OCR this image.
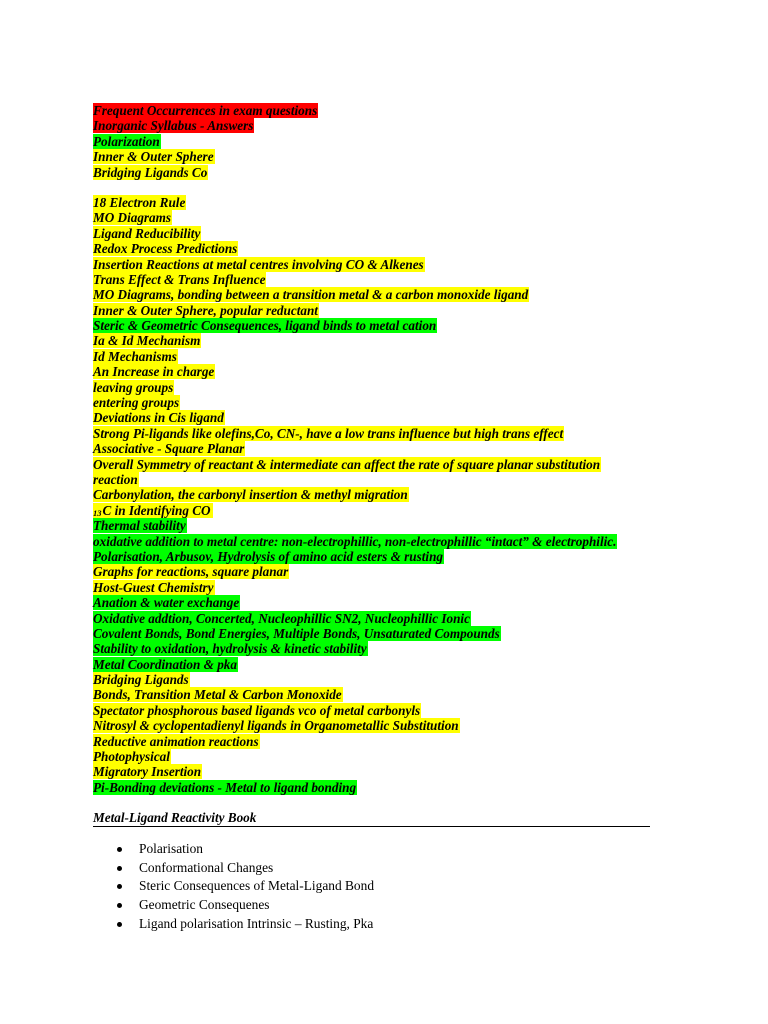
Frequent Occurrences in exam questions
Inorganic Syllabus - Answers
Polarization
Inner & Outer Sphere
Bridging Ligands Co
18 Electron Rule
MO Diagrams
Ligand Reducibility
Redox Process Predictions
Insertion Reactions at metal centres involving CO & Alkenes
Trans Effect & Trans Influence
MO Diagrams, bonding between a transition metal & a carbon monoxide ligand
Inner & Outer Sphere, popular reductant
Steric & Geometric Consequences, ligand binds to metal cation
Ia & Id Mechanism
Id Mechanisms
An Increase in charge
leaving groups
entering groups
Deviations in Cis ligand
Strong Pi-ligands like olefins,Co, CN-, have a low trans influence but high trans effect
Associative - Square Planar
Overall Symmetry of reactant & intermediate can affect the rate of square planar substitution
reaction
Carbonylation, the carbonyl insertion & methyl migration
13C in Identifying CO
Thermal stability
oxidative addition to metal centre: non-electrophillic, non-electrophillic “intact” & electrophilic.
Polarisation, Arbusov, Hydrolysis of amino acid esters & rusting
Graphs for reactions, square planar
Host-Guest Chemistry
Anation & water exchange
Oxidative addtion, Concerted, Nucleophillic SN2, Nucleophillic Ionic
Covalent Bonds, Bond Energies, Multiple Bonds, Unsaturated Compounds
Stability to oxidation, hydrolysis & kinetic stability
Metal Coordination & pka
Bridging Ligands
Bonds, Transition Metal & Carbon Monoxide
Spectator phosphorous based ligands vco of metal carbonyls
Nitrosyl & cyclopentadienyl ligands in Organometallic Substitution
Reductive animation reactions
Photophysical
Migratory Insertion
Pi-Bonding deviations - Metal to ligand bonding
Metal-Ligand Reactivity Book
Polarisation
Conformational Changes
Steric Consequences of Metal-Ligand Bond
Geometric Consequenes
Ligand polarisation Intrinsic – Rusting, Pka
